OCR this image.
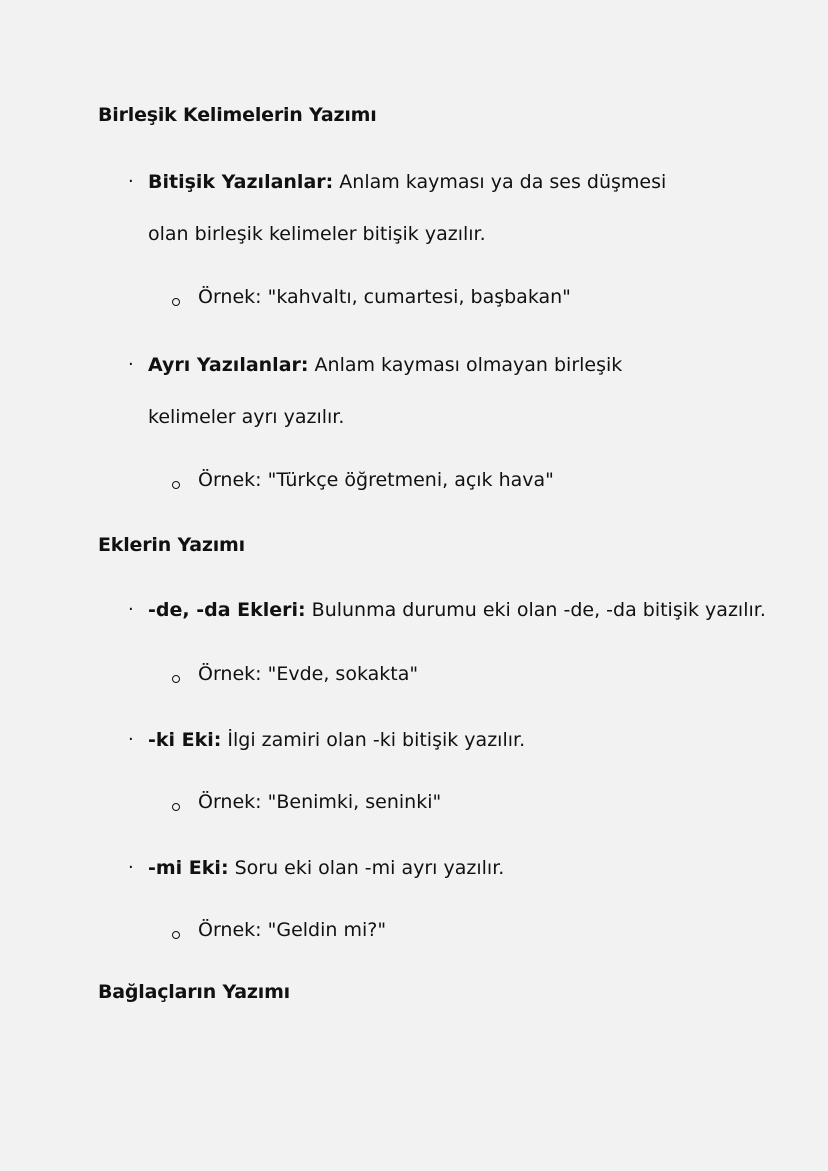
Birleşik Kelimelerin Yazımı
. Bitişik Yazılanlar: Anlam kayması ya da ses düşmesi olan birleşik kelimeler bitişik yazılır.
Örnek: "kahvaltı, cumartesi, başbakan"
. Ayrı Yazılanlar: Anlam kayması olmayan birleşik kelimeler ayrı yazılır.
Örnek: "Türkçe öğretmeni, açık hava"
Eklerin Yazımı
. -de, -da Ekleri: Bulunma durumu eki olan -de, -da bitişik yazılır.
Örnek: "Evde, sokakta"
. -ki Eki: İlgi zamiri olan -ki bitişik yazılır.
Örnek: "Benimki, seninki"
. -mi Eki: Soru eki olan -mi ayrı yazılır.
Örnek: "Geldin mi?"
Bağlaçların Yazımı
